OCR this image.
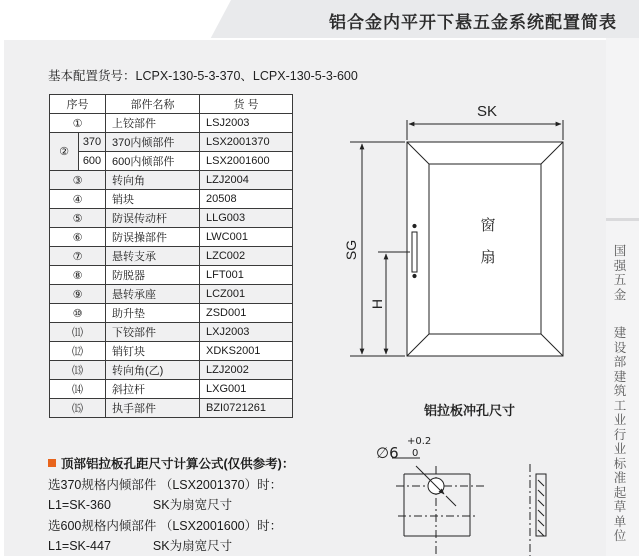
铝合金内平开下悬五金系统配置简表
国强五金
建设部建筑工业行业标准起草单位
基本配置货号：LCPX-130-5-3-370、LCPX-130-5-3-600
序号		部件名称	货 号
①		上铰部件	LSJ2003
②	370	370内倾部件	LSX2001370
	600	600内倾部件	LSX2001600
③		转向角	LZJ2004
④		销块	20508
⑤		防误传动杆	LLG003
⑥		防误操部件	LWC001
⑦		悬转支承	LZC002
⑧		防脱器	LFT001
⑨		悬转承座	LCZ001
⑩		助升垫	ZSD001
⑾		下铰部件	LXJ2003
⑿		销钉块	XDKS2001
⒀		转向角(乙)	LZJ2002
⒁		斜拉杆	LXG001
⒂		执手部件	BZI0721261
顶部铝拉板孔距尺寸计算公式(仅供参考)：
选370规格内倾部件 （LSX2001370）时：
L1=SK-360	SK为扇宽尺寸
选600规格内倾部件 （LSX2001600）时：
L1=SK-447	SK为扇宽尺寸
SK
SG
H
窗
扇
∅6
+0.2
0
铝拉板冲孔尺寸
